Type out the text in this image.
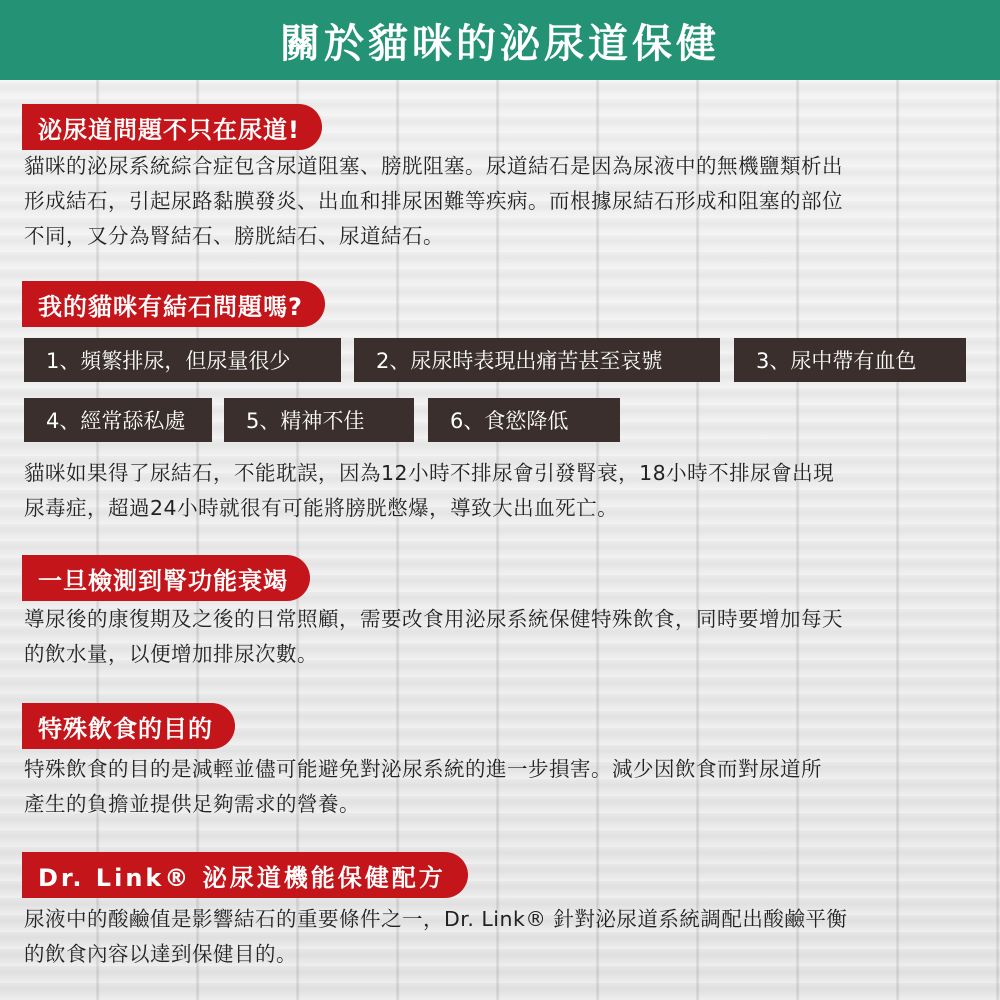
關於貓咪的泌尿道保健
泌尿道問題不只在尿道!
貓咪的泌尿系統綜合症包含尿道阻塞、膀胱阻塞。尿道結石是因為尿液中的無機鹽類析出
形成結石，引起尿路黏膜發炎、出血和排尿困難等疾病。而根據尿結石形成和阻塞的部位
不同，又分為腎結石、膀胱結石、尿道結石。
我的貓咪有結石問題嗎?
1、頻繁排尿，但尿量很少	2、尿尿時表現出痛苦甚至哀號	3、尿中帶有血色
4、經常舔私處	5、精神不佳	6、食慾降低
貓咪如果得了尿結石，不能耽誤，因為12小時不排尿會引發腎衰，18小時不排尿會出現
尿毒症，超過24小時就很有可能將膀胱憋爆，導致大出血死亡。
一旦檢測到腎功能衰竭
導尿後的康復期及之後的日常照顧，需要改食用泌尿系統保健特殊飲食，同時要增加每天
的飲水量，以便增加排尿次數。
特殊飲食的目的
特殊飲食的目的是減輕並儘可能避免對泌尿系統的進一步損害。減少因飲食而對尿道所
產生的負擔並提供足夠需求的營養。
Dr. Link® 泌尿道機能保健配方
尿液中的酸鹼值是影響結石的重要條件之一，Dr. Link® 針對泌尿道系統調配出酸鹼平衡
的飲食內容以達到保健目的。
